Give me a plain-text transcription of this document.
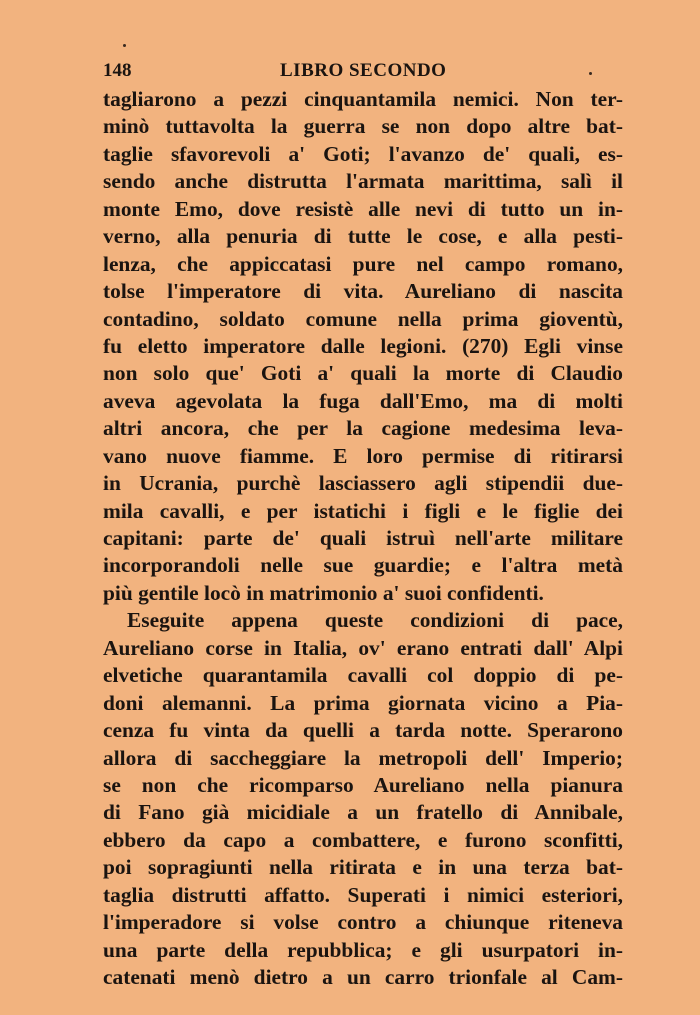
148	LIBRO SECONDO
tagliarono a pezzi cinquantamila nemici. Non ter-
minò tuttavolta la guerra se non dopo altre bat-
taglie sfavorevoli a' Goti; l'avanzo de' quali, es-
sendo anche distrutta l'armata marittima, salì il
monte Emo, dove resistè alle nevi di tutto un in-
verno, alla penuria di tutte le cose, e alla pesti-
lenza, che appiccatasi pure nel campo romano,
tolse l'imperatore di vita. Aureliano di nascita
contadino, soldato comune nella prima gioventù,
fu eletto imperatore dalle legioni. (270) Egli vinse
non solo que' Goti a' quali la morte di Claudio
aveva agevolata la fuga dall'Emo, ma di molti
altri ancora, che per la cagione medesima leva-
vano nuove fiamme. E loro permise di ritirarsi
in Ucrania, purchè lasciassero agli stipendii due-
mila cavalli, e per istatichi i figli e le figlie dei
capitani: parte de' quali istruì nell'arte militare
incorporandoli nelle sue guardie; e l'altra metà
più gentile locò in matrimonio a' suoi confidenti.
Eseguite appena queste condizioni di pace,
Aureliano corse in Italia, ov' erano entrati dall' Alpi
elvetiche quarantamila cavalli col doppio di pe-
doni alemanni. La prima giornata vicino a Pia-
cenza fu vinta da quelli a tarda notte. Sperarono
allora di saccheggiare la metropoli dell' Imperio;
se non che ricomparso Aureliano nella pianura
di Fano già micidiale a un fratello di Annibale,
ebbero da capo a combattere, e furono sconfitti,
poi sopragiunti nella ritirata e in una terza bat-
taglia distrutti affatto. Superati i nimici esteriori,
l'imperadore si volse contro a chiunque riteneva
una parte della repubblica; e gli usurpatori in-
catenati menò dietro a un carro trionfale al Cam-
